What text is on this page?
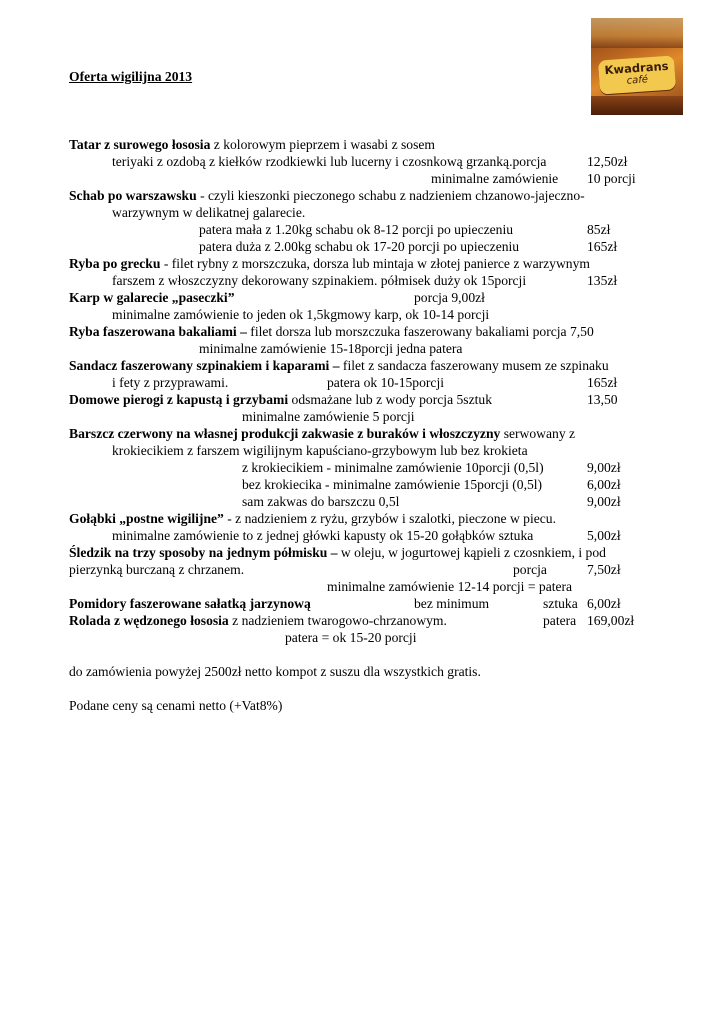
Kwadrans
café
Oferta wigilijna 2013
Tatar z surowego łososia z kolorowym pieprzem i wasabi z sosem
teriyaki z ozdobą z kiełków rzodkiewki lub lucerny i czosnkową grzanką.porcja	12,50zł
minimalne zamówienie 10 porcji
Schab po warszawsku - czyli kieszonki pieczonego schabu z nadzieniem chzanowo-jajeczno-
warzywnym w delikatnej galarecie.
patera mała z 1.20kg schabu ok 8-12 porcji po upieczeniu	85zł
patera duża z 2.00kg schabu ok 17-20 porcji po upieczeniu	165zł
Ryba po grecku - filet rybny z morszczuka, dorsza lub mintaja w złotej panierce z warzywnym
farszem z włoszczyzny dekorowany szpinakiem. półmisek duży ok 15porcji	135zł
Karp w galarecie „paseczki”	porcja 9,00zł
minimalne zamówienie to jeden ok 1,5kgmowy karp, ok 10-14 porcji
Ryba faszerowana bakaliami – filet dorsza lub morszczuka faszerowany bakaliami porcja 7,50
minimalne zamówienie 15-18porcji jedna patera
Sandacz faszerowany szpinakiem i kaparami – filet z sandacza faszerowany musem ze szpinaku
i fety z przyprawami.	patera ok 10-15porcji	165zł
Domowe pierogi z kapustą i grzybami odsmażane lub z wody porcja 5sztuk	13,50
minimalne zamówienie 5 porcji
Barszcz czerwony na własnej produkcji zakwasie z buraków i włoszczyzny serwowany z
krokiecikiem z farszem wigilijnym kapuściano-grzybowym lub bez krokieta
z krokiecikiem - minimalne zamówienie 10porcji (0,5l)	9,00zł
bez krokiecika - minimalne zamówienie 15porcji (0,5l)	6,00zł
sam zakwas do barszczu 0,5l	9,00zł
Gołąbki „postne wigilijne” - z nadzieniem z ryżu, grzybów i szalotki, pieczone w piecu.
minimalne zamówienie to z jednej główki kapusty ok 15-20 gołąbków sztuka	5,00zł
Śledzik na trzy sposoby na jednym półmisku – w oleju, w jogurtowej kąpieli z czosnkiem, i pod
pierzynką burczaną z chrzanem.	porcja	7,50zł
minimalne zamówienie 12-14 porcji = patera
Pomidory faszerowane sałatką jarzynową	bez minimum	sztuka 6,00zł
Rolada z wędzonego łososia z nadzieniem twarogowo-chrzanowym.	patera 169,00zł
patera = ok 15-20 porcji
do zamówienia powyżej 2500zł netto kompot z suszu dla wszystkich gratis.
Podane ceny są cenami netto (+Vat8%)
